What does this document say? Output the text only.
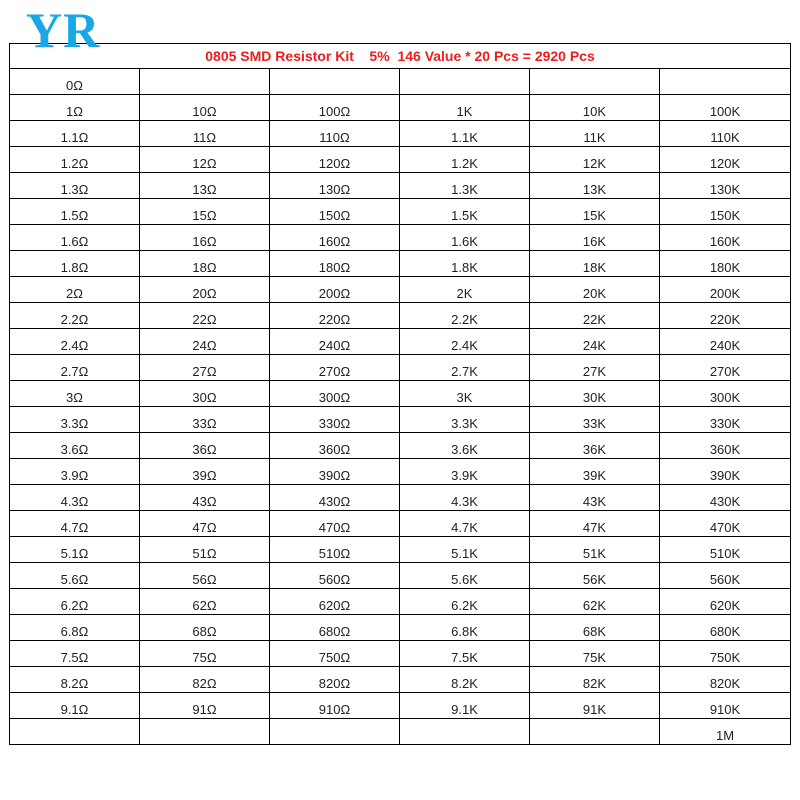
YR	0805 SMD Resistor Kit    5%  146 Value * 20 Pcs = 2920 Pcs					
0Ω					
1Ω	10Ω	100Ω	1K	10K	100K
1.1Ω	11Ω	110Ω	1.1K	11K	110K
1.2Ω	12Ω	120Ω	1.2K	12K	120K
1.3Ω	13Ω	130Ω	1.3K	13K	130K
1.5Ω	15Ω	150Ω	1.5K	15K	150K
1.6Ω	16Ω	160Ω	1.6K	16K	160K
1.8Ω	18Ω	180Ω	1.8K	18K	180K
2Ω	20Ω	200Ω	2K	20K	200K
2.2Ω	22Ω	220Ω	2.2K	22K	220K
2.4Ω	24Ω	240Ω	2.4K	24K	240K
2.7Ω	27Ω	270Ω	2.7K	27K	270K
3Ω	30Ω	300Ω	3K	30K	300K
3.3Ω	33Ω	330Ω	3.3K	33K	330K
3.6Ω	36Ω	360Ω	3.6K	36K	360K
3.9Ω	39Ω	390Ω	3.9K	39K	390K
4.3Ω	43Ω	430Ω	4.3K	43K	430K
4.7Ω	47Ω	470Ω	4.7K	47K	470K
5.1Ω	51Ω	510Ω	5.1K	51K	510K
5.6Ω	56Ω	560Ω	5.6K	56K	560K
6.2Ω	62Ω	620Ω	6.2K	62K	620K
6.8Ω	68Ω	680Ω	6.8K	68K	680K
7.5Ω	75Ω	750Ω	7.5K	75K	750K
8.2Ω	82Ω	820Ω	8.2K	82K	820K
9.1Ω	91Ω	910Ω	9.1K	91K	910K
					1M
